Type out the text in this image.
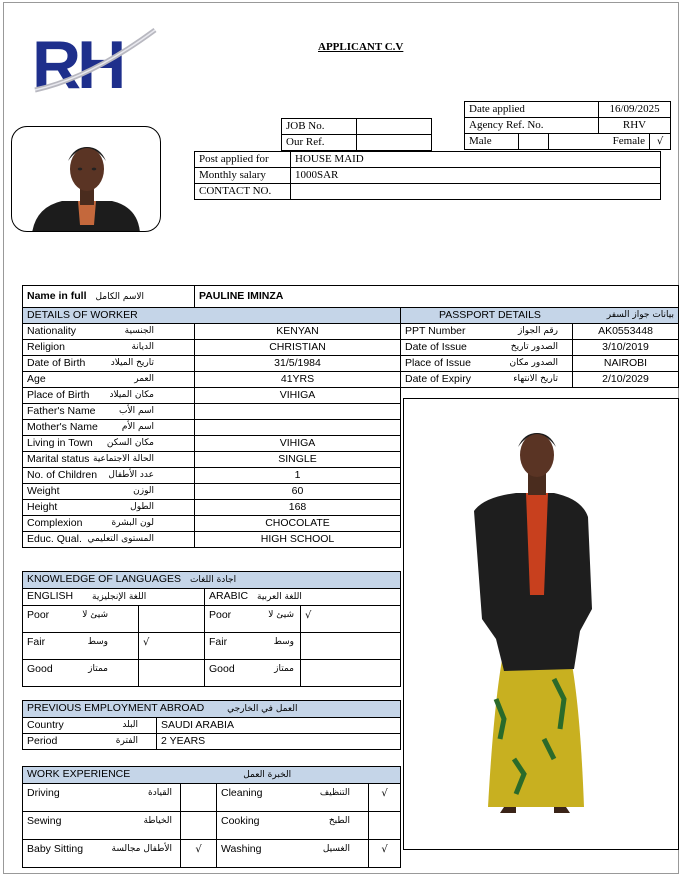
RH	APPLICANT C.V
Date applied			16/09/2025	
Agency Ref. No.			RHV	
Male			Female	√
JOB No.	
Our Ref.	
Post applied for	HOUSE MAID
Monthly salary	1000SAR
CONTACT NO.	
Name in full الاسم الكامل	PAULINE IMINZA
DETAILS OF WORKER	
Nationality الجنسية	KENYAN
Religion الديانة	CHRISTIAN
Date of Birth تاريخ الميلاد	31/5/1984
Age العمر	41YRS
Place of Birth مكان الميلاد	VIHIGA
Father's Name اسم الأب	

Mother's Name اسم الأم	

Living in Town مكان السكن	VIHIGA
Marital status الحالة الاجتماعية	SINGLE
No. of Children عدد الأطفال	1
Weight الوزن	60
Height الطول	168
Complexion لون البشرة	CHOCOLATE
Educ. Qual. المستوى التعليمي	HIGH SCHOOL
PASSPORT DETAILS بيانات جواز السفر	

PPT Number رقم الجواز	AK0553448
Date of Issue الصدور تاريخ	3/10/2019
Place of Issue الصدور مكان	NAIROBI
Date of Expiry تاريخ الانتهاء	2/10/2029
KNOWLEDGE OF LANGUAGES اجادة اللغات			
ENGLISH اللغة الإنجليزية		ARABIC اللغة العربية	
Poor شيئ لا		Poor شيئ لا	√
Fair وسط	√	Fair وسط	

Good ممتاز		Good ممتاز	

PREVIOUS EMPLOYMENT ABROAD العمل في الخارجي	
Country البلد	SAUDI ARABIA
Period الفترة	2 YEARS
WORK EXPERIENCE الخبرة العمل			
Driving القيادة		Cleaning التنظيف	√
Sewing الخياطة		Cooking الطبخ	

Baby Sitting الأطفال مجالسة	√	Washing الغسيل	√
